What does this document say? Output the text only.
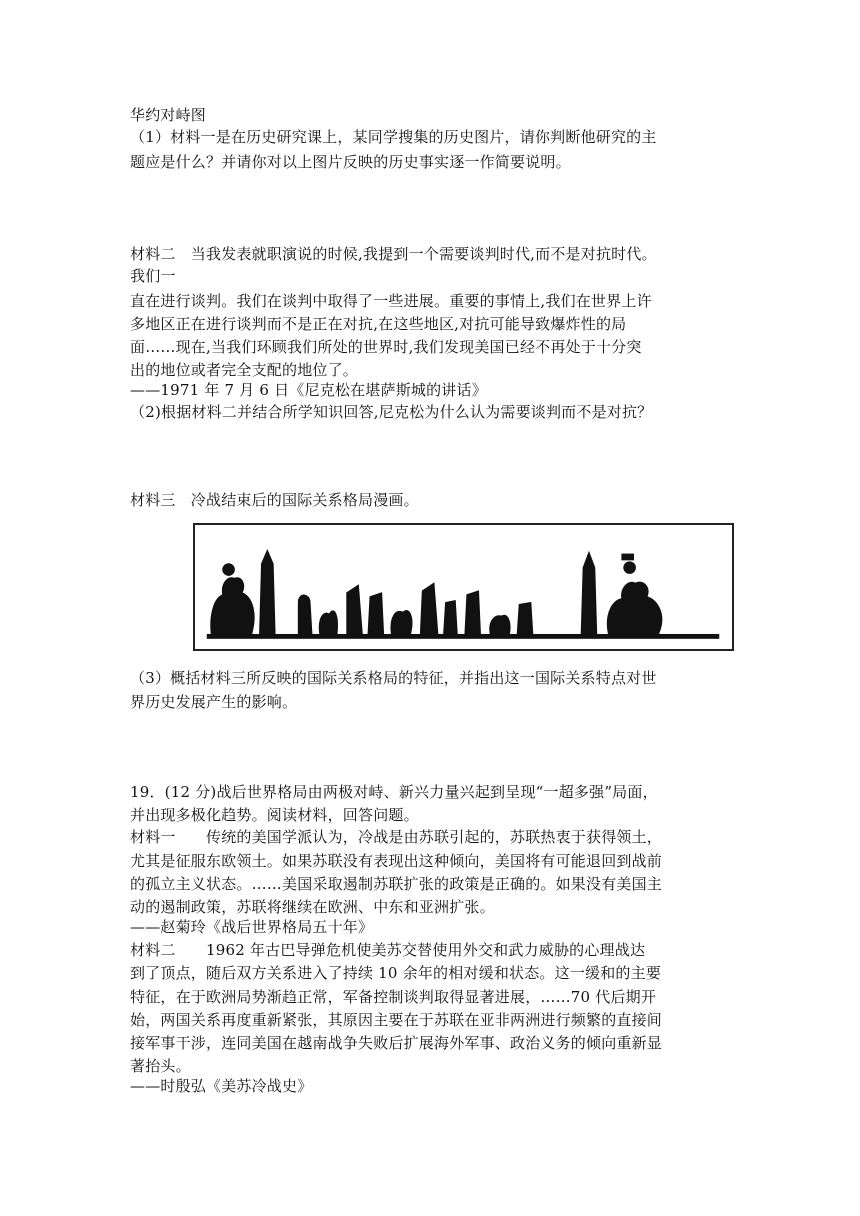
华约对峙图
（1）材料一是在历史研究课上，某同学搜集的历史图片，请你判断他研究的主
题应是什么？并请你对以上图片反映的历史事实逐一作简要说明。
材料二　当我发表就职演说的时候,我提到一个需要谈判时代,而不是对抗时代。
我们一
直在进行谈判。我们在谈判中取得了一些进展。重要的事情上,我们在世界上许
多地区正在进行谈判而不是正在对抗,在这些地区,对抗可能导致爆炸性的局
面……现在,当我们环顾我们所处的世界时,我们发现美国已经不再处于十分突
出的地位或者完全支配的地位了。
——1971 年 7 月 6 日《尼克松在堪萨斯城的讲话》
（2)根据材料二并结合所学知识回答,尼克松为什么认为需要谈判而不是对抗？
材料三　冷战结束后的国际关系格局漫画。
（3）概括材料三所反映的国际关系格局的特征，并指出这一国际关系特点对世
界历史发展产生的影响。
19．(12 分)战后世界格局由两极对峙、新兴力量兴起到呈现“一超多强”局面，
并出现多极化趋势。阅读材料，回答问题。
材料一　　传统的美国学派认为，冷战是由苏联引起的，苏联热衷于获得领土，
尤其是征服东欧领土。如果苏联没有表现出这种倾向，美国将有可能退回到战前
的孤立主义状态。……美国采取遏制苏联扩张的政策是正确的。如果没有美国主
动的遏制政策，苏联将继续在欧洲、中东和亚洲扩张。
——赵菊玲《战后世界格局五十年》
材料二　　1962 年古巴导弹危机使美苏交替使用外交和武力威胁的心理战达
到了顶点，随后双方关系进入了持续 10 余年的相对缓和状态。这一缓和的主要
特征，在于欧洲局势渐趋正常，军备控制谈判取得显著进展，……70 代后期开
始，两国关系再度重新紧张，其原因主要在于苏联在亚非两洲进行频繁的直接间
接军事干涉，连同美国在越南战争失败后扩展海外军事、政治义务的倾向重新显
著抬头。
——时殷弘《美苏冷战史》
